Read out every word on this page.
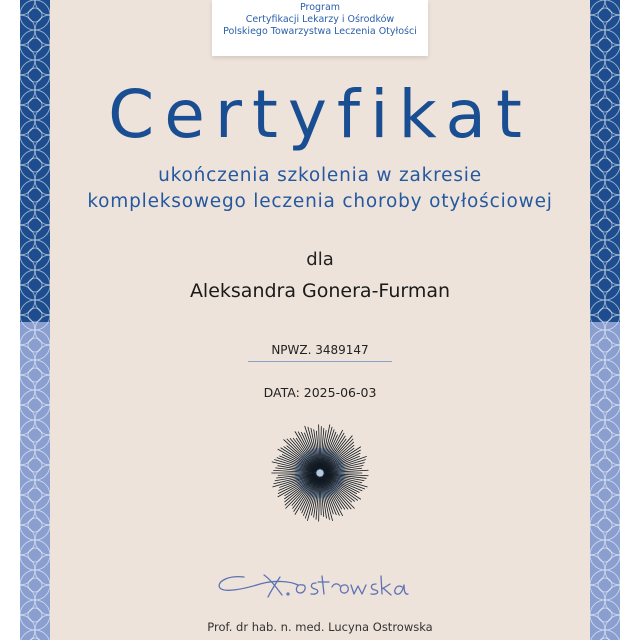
Program
Certyfikacji Lekarzy i Ośrodków
Polskiego Towarzystwa Leczenia Otyłości
Certyfikat
ukończenia szkolenia w zakresie
kompleksowego leczenia choroby otyłościowej
dla
Aleksandra Gonera-Furman
NPWZ. 3489147
DATA: 2025-06-03
Prof. dr hab. n. med. Lucyna Ostrowska
